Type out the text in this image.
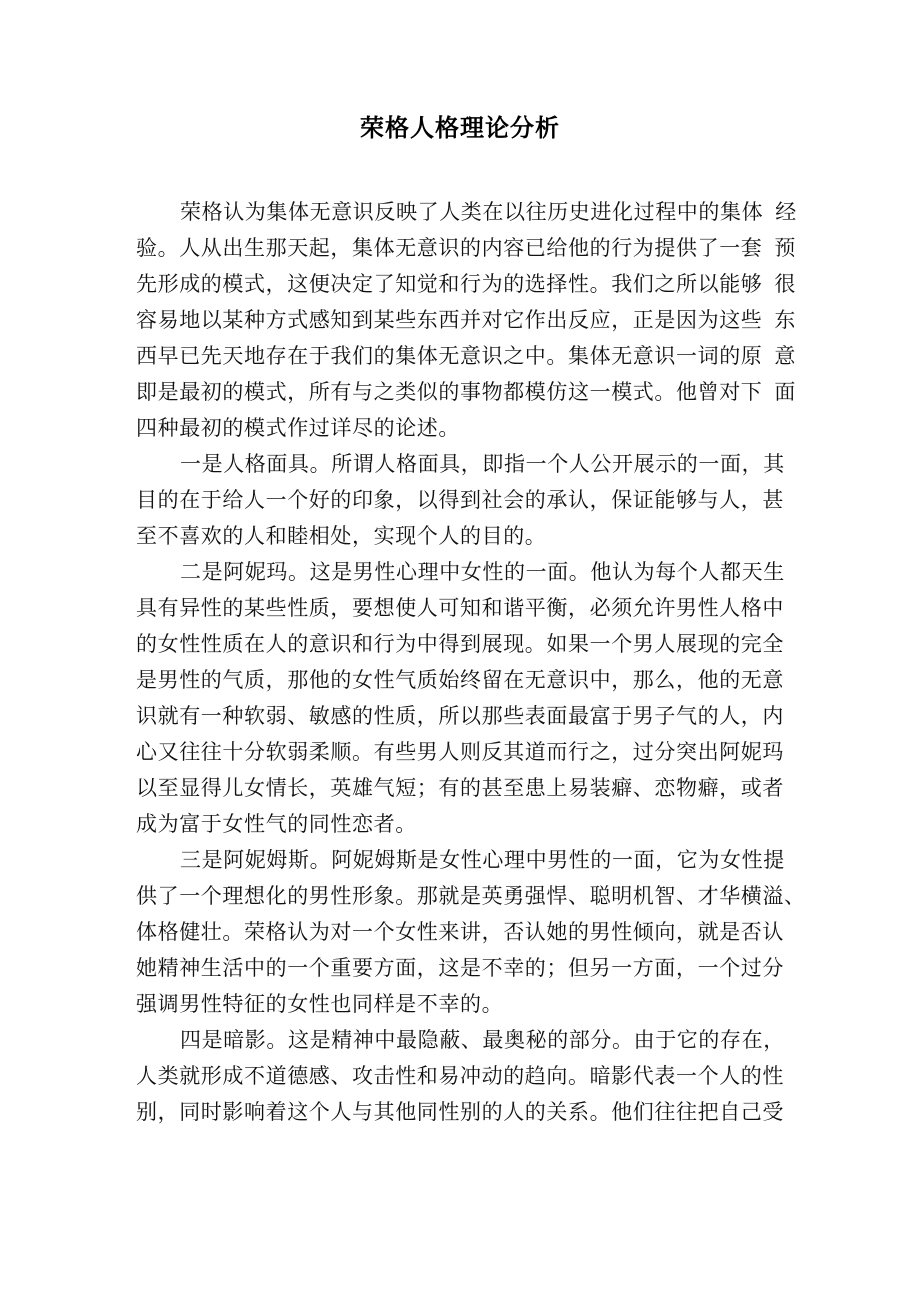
荣格人格理论分析
荣格认为集体无意识反映了人类在以往历史进化过程中的集体 经
验。人从出生那天起，集体无意识的内容已给他的行为提供了一套 预
先形成的模式，这便决定了知觉和行为的选择性。我们之所以能够 很
容易地以某种方式感知到某些东西并对它作出反应，正是因为这些 东
西早已先天地存在于我们的集体无意识之中。集体无意识一词的原 意
即是最初的模式，所有与之类似的事物都模仿这一模式。他曾对下 面
四种最初的模式作过详尽的论述。
一是人格面具。所谓人格面具，即指一个人公开展示的一面，其
目的在于给人一个好的印象，以得到社会的承认，保证能够与人，甚
至不喜欢的人和睦相处，实现个人的目的。
二是阿妮玛。这是男性心理中女性的一面。他认为每个人都天生
具有异性的某些性质，要想使人可知和谐平衡，必须允许男性人格中
的女性性质在人的意识和行为中得到展现。如果一个男人展现的完全
是男性的气质，那他的女性气质始终留在无意识中，那么，他的无意
识就有一种软弱、敏感的性质，所以那些表面最富于男子气的人，内
心又往往十分软弱柔顺。有些男人则反其道而行之，过分突出阿妮玛
以至显得儿女情长，英雄气短；有的甚至患上易装癖、恋物癖，或者
成为富于女性气的同性恋者。
三是阿妮姆斯。阿妮姆斯是女性心理中男性的一面，它为女性提
供了一个理想化的男性形象。那就是英勇强悍、聪明机智、才华横溢、
体格健壮。荣格认为对一个女性来讲，否认她的男性倾向，就是否认
她精神生活中的一个重要方面，这是不幸的；但另一方面，一个过分
强调男性特征的女性也同样是不幸的。
四是暗影。这是精神中最隐蔽、最奥秘的部分。由于它的存在，
人类就形成不道德感、攻击性和易冲动的趋向。暗影代表一个人的性
别，同时影响着这个人与其他同性别的人的关系。他们往往把自己受
